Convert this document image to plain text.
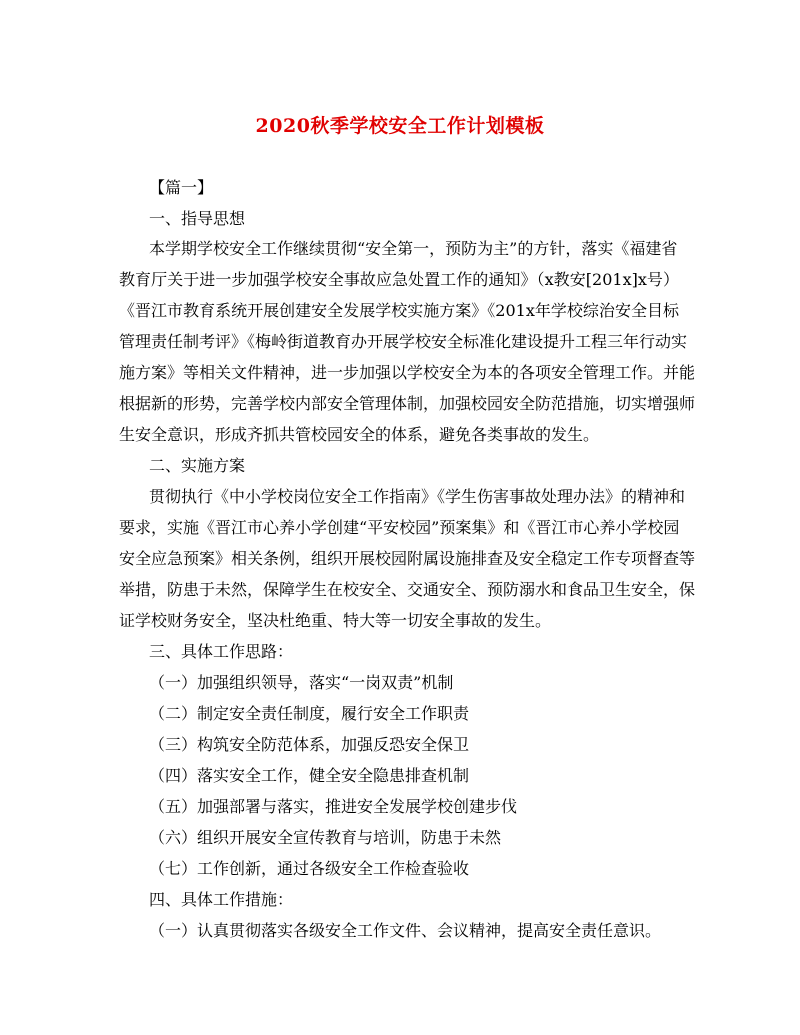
2020秋季学校安全工作计划模板
【篇一】
一、指导思想
本学期学校安全工作继续贯彻“安全第一，预防为主”的方针，落实《福建省
教育厅关于进一步加强学校安全事故应急处置工作的通知》（x教安[201x]x号）
《晋江市教育系统开展创建安全发展学校实施方案》《201x年学校综治安全目标
管理责任制考评》《梅岭街道教育办开展学校安全标准化建设提升工程三年行动实
施方案》等相关文件精神，进一步加强以学校安全为本的各项安全管理工作。并能
根据新的形势，完善学校内部安全管理体制，加强校园安全防范措施，切实增强师
生安全意识，形成齐抓共管校园安全的体系，避免各类事故的发生。
二、实施方案
贯彻执行《中小学校岗位安全工作指南》《学生伤害事故处理办法》的精神和
要求，实施《晋江市心养小学创建“平安校园”预案集》和《晋江市心养小学校园
安全应急预案》相关条例，组织开展校园附属设施排查及安全稳定工作专项督查等
举措，防患于未然，保障学生在校安全、交通安全、预防溺水和食品卫生安全，保
证学校财务安全，坚决杜绝重、特大等一切安全事故的发生。
三、具体工作思路：
（一）加强组织领导，落实“一岗双责”机制
（二）制定安全责任制度，履行安全工作职责
（三）构筑安全防范体系，加强反恐安全保卫
（四）落实安全工作，健全安全隐患排查机制
（五）加强部署与落实，推进安全发展学校创建步伐
（六）组织开展安全宣传教育与培训，防患于未然
（七）工作创新，通过各级安全工作检查验收
四、具体工作措施：
（一）认真贯彻落实各级安全工作文件、会议精神，提高安全责任意识。
